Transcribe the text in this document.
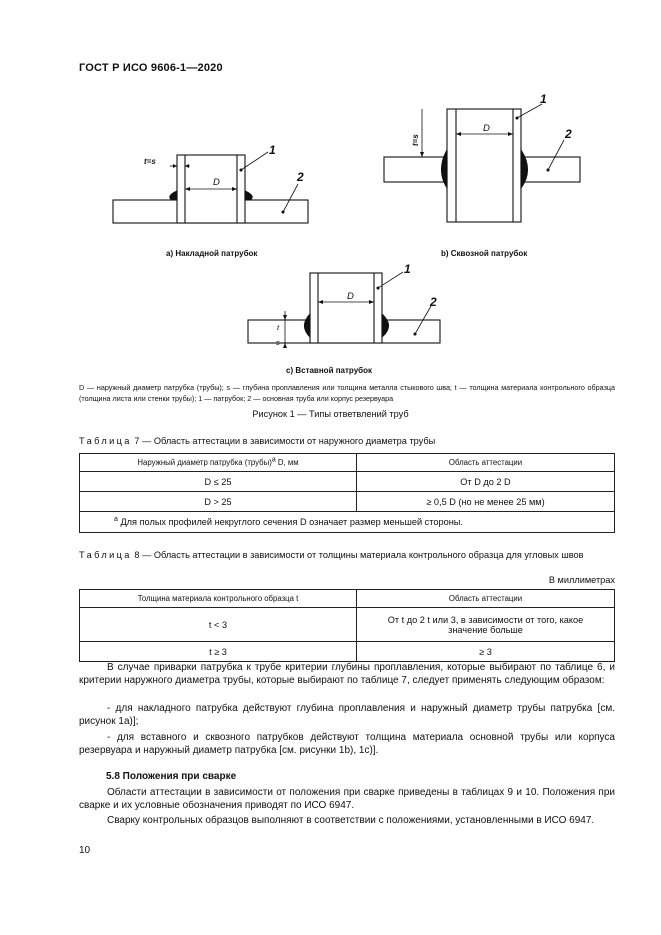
ГОСТ Р ИСО 9606-1—2020
t=s
D
1
2
D
1
2
t=s
D
1
2
t
s
a) Накладной патрубок	b) Сквозной патрубок
c) Вставной патрубок
D — наружный диаметр патрубка (трубы); s — глубина проплавления или толщина металла стыкового шва; t — толщина материала контрольного образца (толщина листа или стенки трубы); 1 — патрубок; 2 — основная труба или корпус резервуара
Рисунок 1 — Типы ответвлений труб
Таблица 7 — Область аттестации в зависимости от наружного диаметра трубы
Наружный диаметр патрубка (трубы)$^a$ D, мм	Область аттестации
D ≤ 25	От D до 2 D
D > 25	≥ 0,5 D (но не менее 25 мм)
$^a$ Для полых профилей некруглого сечения D означает размер меньшей стороны.	
Таблица 8 — Область аттестации в зависимости от толщины материала контрольного образца для угловых швов
В миллиметрах
Толщина материала контрольного образца t	Область аттестации
t < 3	От t до 2 t или 3, в зависимости от того, какое значение больше
t ≥ 3	≥ 3
В случае приварки патрубка к трубе критерии глубины проплавления, которые выбирают по таблице 6, и критерии наружного диаметра трубы, которые выбирают по таблице 7, следует применять следующим образом:
- для накладного патрубка действуют глубина проплавления и наружный диаметр трубы патрубка [см. рисунок 1а)];
- для вставного и сквозного патрубков действуют толщина материала основной трубы или корпуса резервуара и наружный диаметр патрубка [см. рисунки 1b), 1c)].
5.8 Положения при сварке
Области аттестации в зависимости от положения при сварке приведены в таблицах 9 и 10. Положения при сварке и их условные обозначения приводят по ИСО 6947.
Сварку контрольных образцов выполняют в соответствии с положениями, установленными в ИСО 6947.
10
